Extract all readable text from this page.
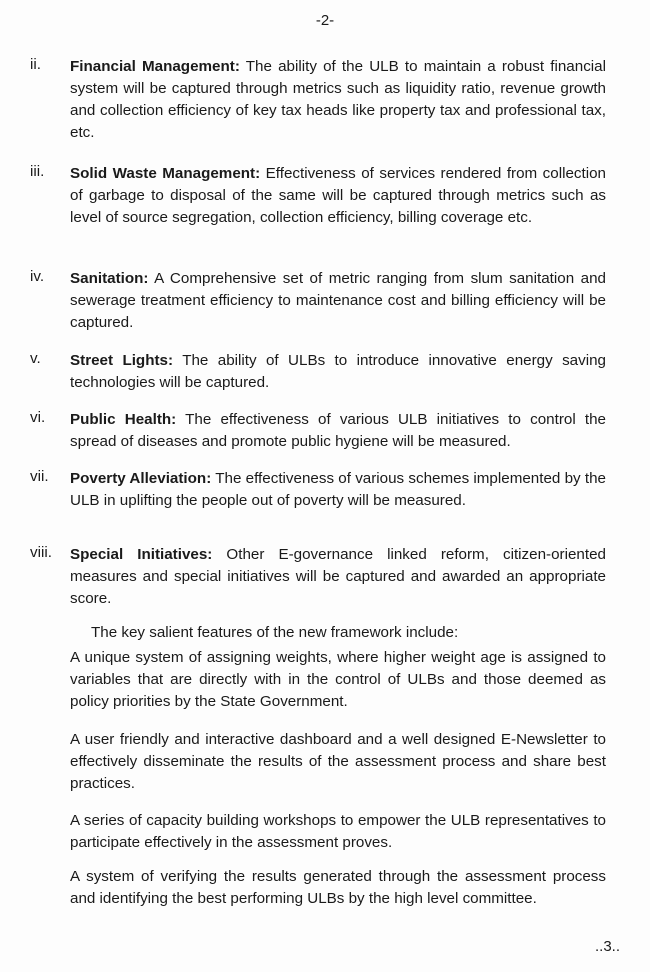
-2-
ii. Financial Management: The ability of the ULB to maintain a robust financial system will be captured through metrics such as liquidity ratio, revenue growth and collection efficiency of key tax heads like property tax and professional tax, etc.

iii. Solid Waste Management: Effectiveness of services rendered from collection of garbage to disposal of the same will be captured through metrics such as level of source segregation, collection efficiency, billing coverage etc.

iv. Sanitation: A Comprehensive set of metric ranging from slum sanitation and sewerage treatment efficiency to maintenance cost and billing efficiency will be captured.

v. Street Lights: The ability of ULBs to introduce innovative energy saving technologies will be captured.

vi. Public Health: The effectiveness of various ULB initiatives to control the spread of diseases and promote public hygiene will be measured.

vii. Poverty Alleviation: The effectiveness of various schemes implemented by the ULB in uplifting the people out of poverty will be measured.

viii. Special Initiatives: Other E-governance linked reform, citizen-oriented measures and special initiatives will be captured and awarded an appropriate score.

The key salient features of the new framework include:

A unique system of assigning weights, where higher weight age is assigned to variables that are directly with in the control of ULBs and those deemed as policy priorities by the State Government.

A user friendly and interactive dashboard and a well designed E-Newsletter to effectively disseminate the results of the assessment process and share best practices.

A series of capacity building workshops to empower the ULB representatives to participate effectively in the assessment proves.

A system of verifying the results generated through the assessment process and identifying the best performing ULBs by the high level committee.

..3..
